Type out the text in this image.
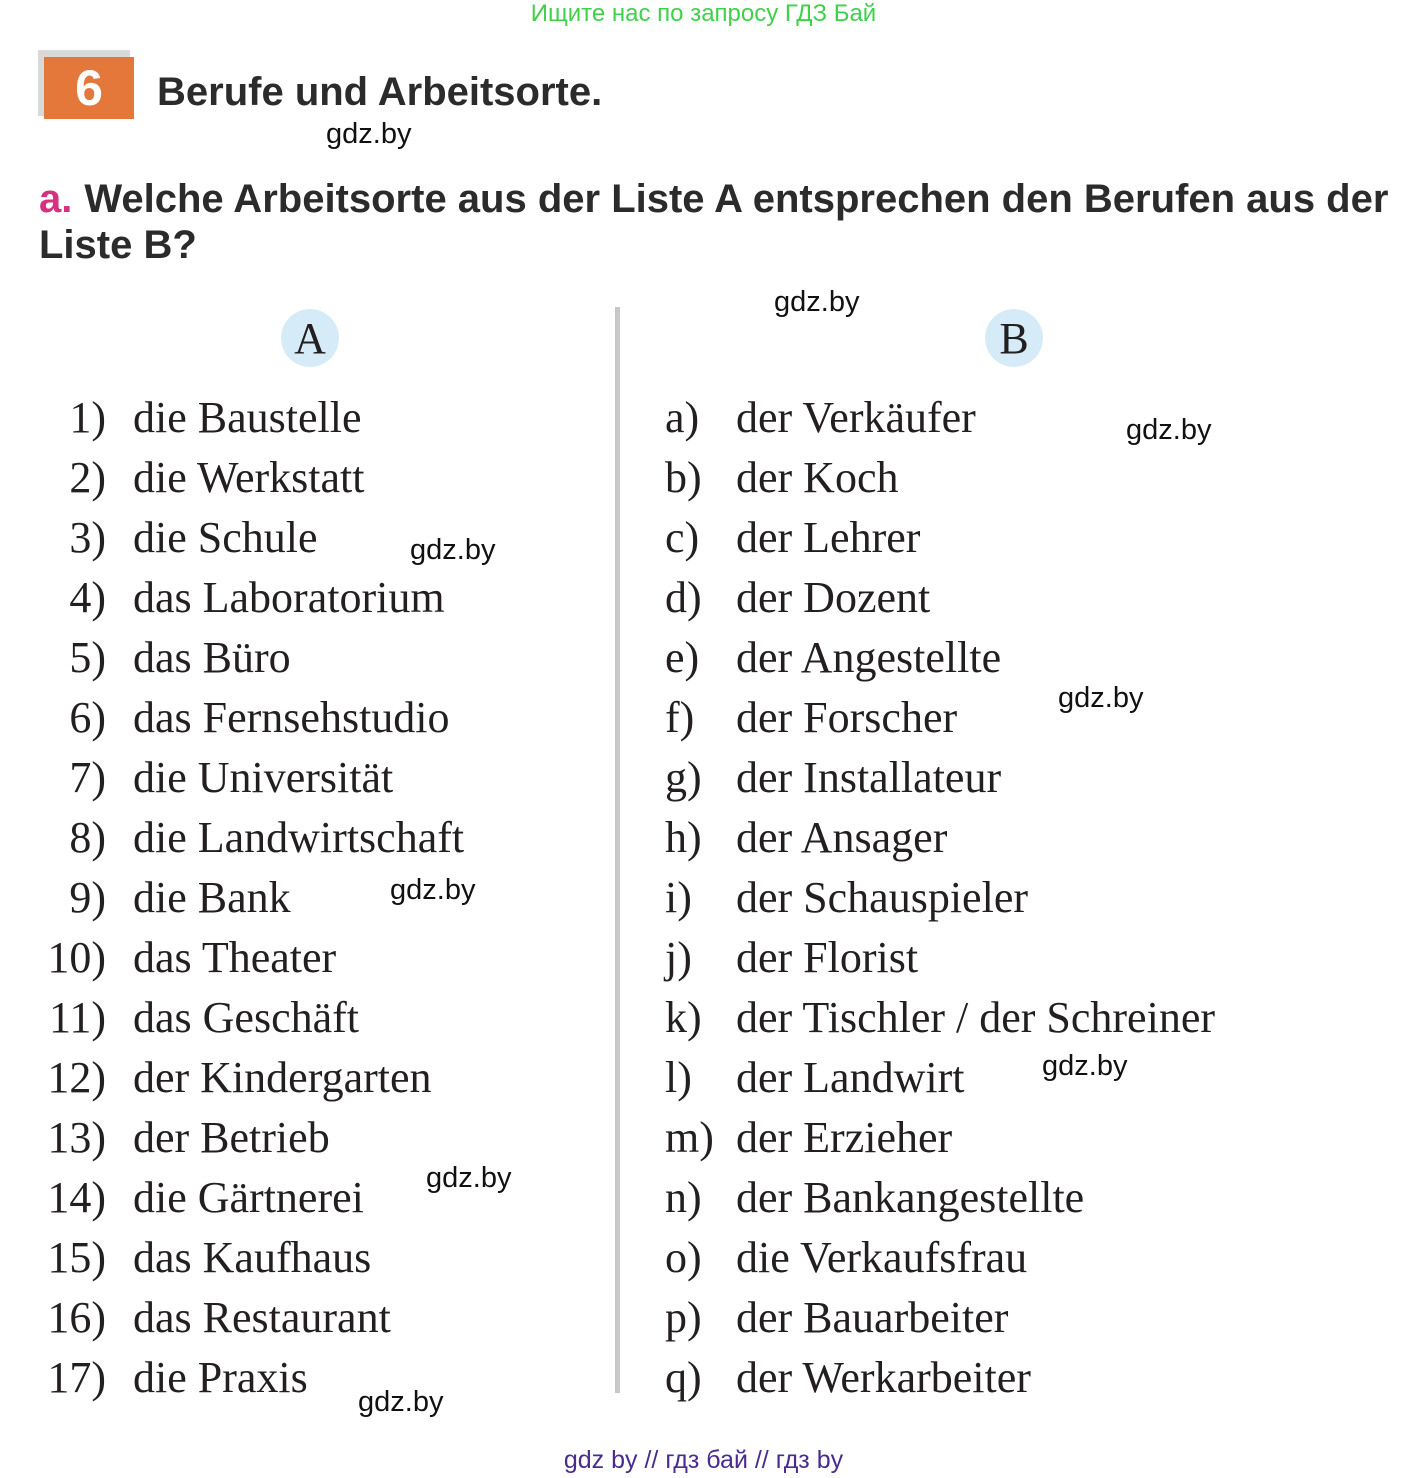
Ищите нас по запросу ГДЗ Бай
6	Berufe und Arbeitsorte.
a. Welche Arbeitsorte aus der Liste A entsprechen den Berufen aus der Liste B?
gdz.by
gdz.by
gdz.by
gdz.by
gdz.by
gdz.by
gdz.by
gdz.by
gdz.by
A	B
1) die Baustelle
2) die Werkstatt
3) die Schule
4) das Laboratorium
5) das Büro
6) das Fernsehstudio
7) die Universität
8) die Landwirtschaft
9) die Bank
10) das Theater
11) das Geschäft
12) der Kindergarten
13) der Betrieb
14) die Gärtnerei
15) das Kaufhaus
16) das Restaurant
17) die Praxis
a) der Verkäufer
b) der Koch
c) der Lehrer
d) der Dozent
e) der Angestellte
f) der Forscher
g) der Installateur
h) der Ansager
i) der Schauspieler
j) der Florist
k) der Tischler / der Schreiner
l) der Landwirt
m) der Erzieher
n) der Bankangestellte
o) die Verkaufsfrau
p) der Bauarbeiter
q) der Werkarbeiter
gdz by // гдз бай // гдз by
